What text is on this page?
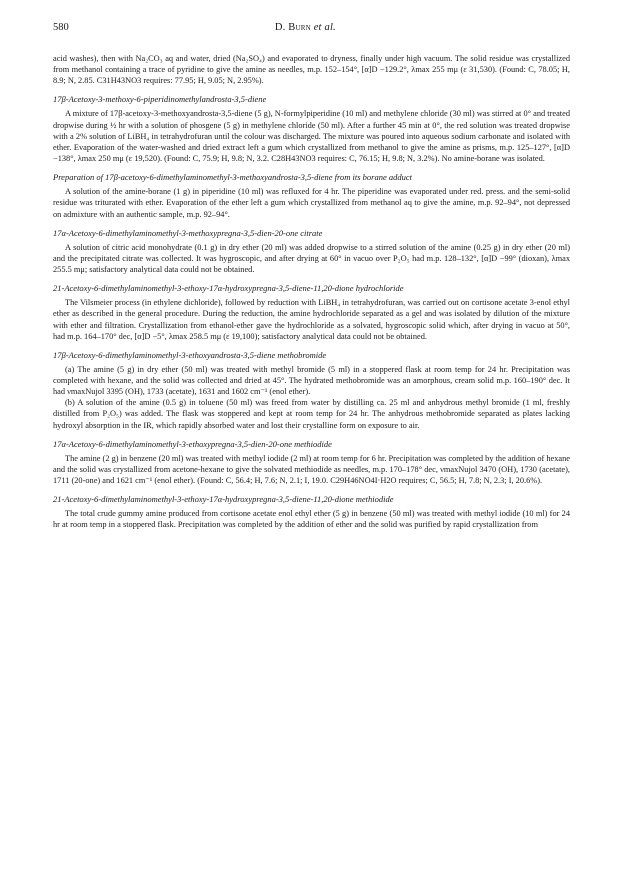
580	D. Burn et al.

acid washes), then with Na₂CO₃ aq and water, dried (Na₂SO₄) and evaporated to dryness, finally under high vacuum. The solid residue was crystallized from methanol containing a trace of pyridine to give the amine as needles, m.p. 152–154°, [α]D −129.2°, λmax 255 mμ (ε 31,530). (Found: C, 78.05; H, 8.9; N, 2.85. C31H43NO3 requires: 77.95; H, 9.05; N, 2.95%).

17β-Acetoxy-3-methoxy-6-piperidinomethylandrosta-3,5-diene

A mixture of 17β-acetoxy-3-methoxyandrosta-3,5-diene (5 g), N-formylpiperidine (10 ml) and methylene chloride (30 ml) was stirred at 0° and treated dropwise during ½ hr with a solution of phosgene (5 g) in methylene chloride (50 ml). After a further 45 min at 0°, the red solution was treated dropwise with a 2% solution of LiBH₄ in tetrahydrofuran until the colour was discharged. The mixture was poured into aqueous sodium carbonate and isolated with ether. Evaporation of the water-washed and dried extract left a gum which crystallized from methanol to give the amine as prisms, m.p. 125–127°, [α]D −138°, λmax 250 mμ (ε 19,520). (Found: C, 75.9; H, 9.8; N, 3.2. C28H43NO3 requires: C, 76.15; H, 9.8; N, 3.2%). No amine-borane was isolated.

Preparation of 17β-acetoxy-6-dimethylaminomethyl-3-methoxyandrosta-3,5-diene from its borane adduct

A solution of the amine-borane (1 g) in piperidine (10 ml) was refluxed for 4 hr. The piperidine was evaporated under red. press. and the semi-solid residue was triturated with ether. Evaporation of the ether left a gum which crystallized from methanol aq to give the amine, m.p. 92–94°, not depressed on admixture with an authentic sample, m.p. 92–94°.

17α-Acetoxy-6-dimethylaminomethyl-3-methoxypregna-3,5-dien-20-one citrate

A solution of citric acid monohydrate (0.1 g) in dry ether (20 ml) was added dropwise to a stirred solution of the amine (0.25 g) in dry ether (20 ml) and the precipitated citrate was collected. It was hygroscopic, and after drying at 60° in vacuo over P₂O₅ had m.p. 128–132°, [α]D −99° (dioxan), λmax 255.5 mμ; satisfactory analytical data could not be obtained.

21-Acetoxy-6-dimethylaminomethyl-3-ethoxy-17α-hydroxypregna-3,5-diene-11,20-dione hydrochloride

The Vilsmeier process (in ethylene dichloride), followed by reduction with LiBH₄ in tetrahydrofuran, was carried out on cortisone acetate 3-enol ethyl ether as described in the general procedure. During the reduction, the amine hydrochloride separated as a gel and was isolated by dilution of the mixture with ether and filtration. Crystallization from ethanol-ether gave the hydrochloride as a solvated, hygroscopic solid which, after drying in vacuo at 50°, had m.p. 164–170° dec, [α]D −5°, λmax 258.5 mμ (ε 19,100); satisfactory analytical data could not be obtained.

17β-Acetoxy-6-dimethylaminomethyl-3-ethoxyandrosta-3,5-diene methobromide

(a) The amine (5 g) in dry ether (50 ml) was treated with methyl bromide (5 ml) in a stoppered flask at room temp for 24 hr. Precipitation was completed with hexane, and the solid was collected and dried at 45°. The hydrated methobromide was an amorphous, cream solid m.p. 160–190° dec. It had νmaxNujol 3395 (OH), 1733 (acetate), 1631 and 1602 cm⁻¹ (enol ether).

(b) A solution of the amine (0.5 g) in toluene (50 ml) was freed from water by distilling ca. 25 ml and anhydrous methyl bromide (1 ml, freshly distilled from P₂O₅) was added. The flask was stoppered and kept at room temp for 24 hr. The anhydrous methobromide separated as plates lacking hydroxyl absorption in the IR, which rapidly absorbed water and lost their crystalline form on exposure to air.

17α-Acetoxy-6-dimethylaminomethyl-3-ethoxypregna-3,5-dien-20-one methiodide

The amine (2 g) in benzene (20 ml) was treated with methyl iodide (2 ml) at room temp for 6 hr. Precipitation was completed by the addition of hexane and the solid was crystallized from acetone-hexane to give the solvated methiodide as needles, m.p. 170–178° dec, νmaxNujol 3470 (OH), 1730 (acetate), 1711 (20-one) and 1621 cm⁻¹ (enol ether). (Found: C, 56.4; H, 7.6; N, 2.1; I, 19.0. C29H46NO4I·H2O requires; C, 56.5; H, 7.8; N, 2.3; I, 20.6%).

21-Acetoxy-6-dimethylaminomethyl-3-ethoxy-17α-hydroxypregna-3,5-diene-11,20-dione methiodide

The total crude gummy amine produced from cortisone acetate enol ethyl ether (5 g) in benzene (50 ml) was treated with methyl iodide (10 ml) for 24 hr at room temp in a stoppered flask. Precipitation was completed by the addition of ether and the solid was purified by rapid crystallization from
